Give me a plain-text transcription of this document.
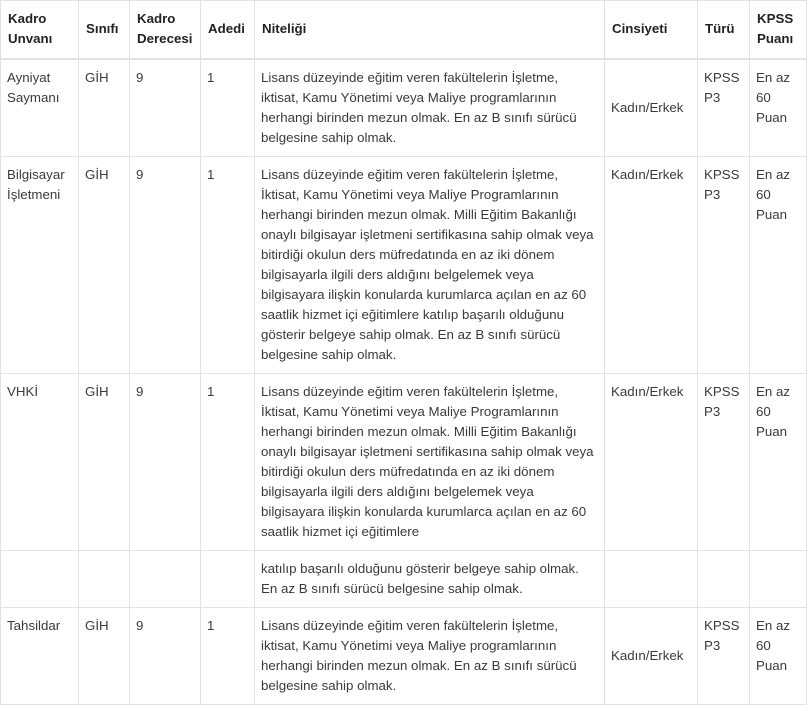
Kadro Unvanı	Sınıfı	Kadro Derecesi	Adedi	Niteliği	Cinsiyeti	Türü	KPSS Puanı
Ayniyat Saymanı	GİH	9	1	Lisans düzeyinde eğitim veren fakültelerin İşletme, iktisat, Kamu Yönetimi veya Maliye programlarının herhangi birinden mezun olmak. En az B sınıfı sürücü belgesine sahip olmak.	Kadın/Erkek	KPSS P3	En az 60 Puan
Bilgisayar İşletmeni	GİH	9	1	Lisans düzeyinde eğitim veren fakültelerin İşletme, İktisat, Kamu Yönetimi veya Maliye Programlarının herhangi birinden mezun olmak. Milli Eğitim Bakanlığı onaylı bilgisayar işletmeni sertifikasına sahip olmak veya bitirdiği okulun ders müfredatında en az iki dönem bilgisayarla ilgili ders aldığını belgelemek veya bilgisayara ilişkin konularda kurumlarca açılan en az 60 saatlik hizmet içi eğitimlere katılıp başarılı olduğunu gösterir belgeye sahip olmak. En az B sınıfı sürücü belgesine sahip olmak.	Kadın/Erkek	KPSS P3	En az 60 Puan
VHKİ	GİH	9	1	Lisans düzeyinde eğitim veren fakültelerin İşletme, İktisat, Kamu Yönetimi veya Maliye Programlarının herhangi birinden mezun olmak. Milli Eğitim Bakanlığı onaylı bilgisayar işletmeni sertifikasına sahip olmak veya bitirdiği okulun ders müfredatında en az iki dönem bilgisayarla ilgili ders aldığını belgelemek veya bilgisayara ilişkin konularda kurumlarca açılan en az 60 saatlik hizmet içi eğitimlere	Kadın/Erkek	KPSS P3	En az 60 Puan
				katılıp başarılı olduğunu gösterir belgeye sahip olmak. En az B sınıfı sürücü belgesine sahip olmak.			
Tahsildar	GİH	9	1	Lisans düzeyinde eğitim veren fakültelerin İşletme, iktisat, Kamu Yönetimi veya Maliye programlarının herhangi birinden mezun olmak. En az B sınıfı sürücü belgesine sahip olmak.	Kadın/Erkek	KPSS P3	En az 60 Puan
